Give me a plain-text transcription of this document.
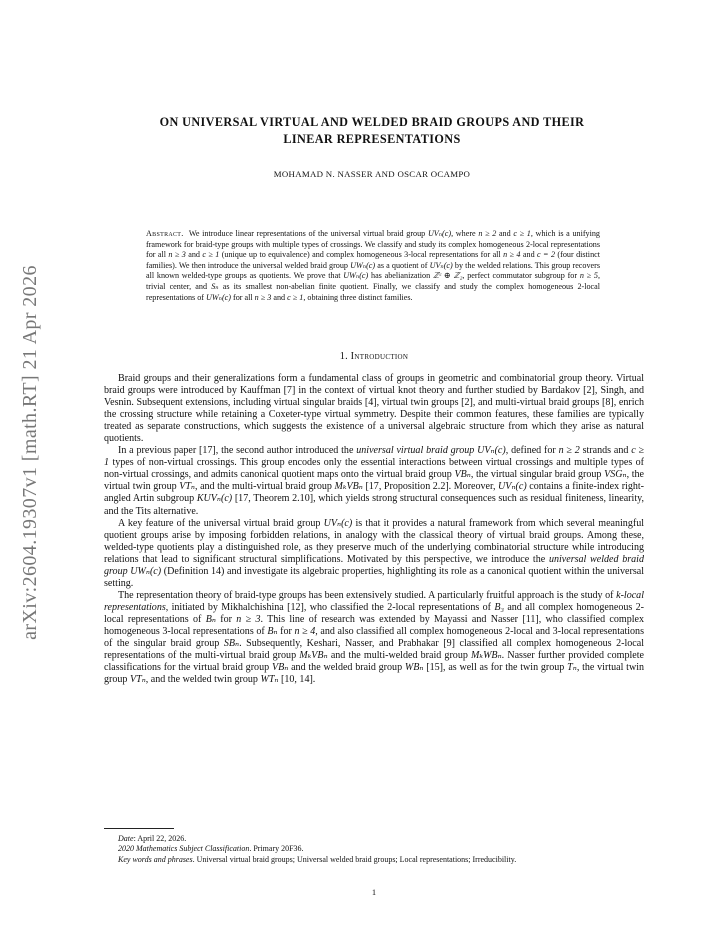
arXiv:2604.19307v1 [math.RT] 21 Apr 2026
ON UNIVERSAL VIRTUAL AND WELDED BRAID GROUPS AND THEIR
LINEAR REPRESENTATIONS
MOHAMAD N. NASSER AND OSCAR OCAMPO
Abstract. We introduce linear representations of the universal virtual braid group UVₙ(c), where n ≥ 2 and c ≥ 1, which is a unifying framework for braid-type groups with multiple types of crossings. We classify and study its complex homogeneous 2-local representations for all n ≥ 3 and c ≥ 1 (unique up to equivalence) and complex homogeneous 3-local representations for all n ≥ 4 and c = 2 (four distinct families). We then introduce the universal welded braid group UWₙ(c) as a quotient of UVₙ(c) by the welded relations. This group recovers all known welded-type groups as quotients. We prove that UWₙ(c) has abelianization ℤᶜ ⊕ ℤ₂, perfect commutator subgroup for n ≥ 5, trivial center, and Sₙ as its smallest non-abelian finite quotient. Finally, we classify and study the complex homogeneous 2-local representations of UWₙ(c) for all n ≥ 3 and c ≥ 1, obtaining three distinct families.
1. Introduction

Braid groups and their generalizations form a fundamental class of groups in geometric and combinatorial group theory. Virtual braid groups were introduced by Kauffman [7] in the context of virtual knot theory and further studied by Bardakov [2], Singh, and Vesnin. Subsequent extensions, including virtual singular braids [4], virtual twin groups [2], and multi-virtual braid groups [8], enrich the crossing structure while retaining a Coxeter-type virtual symmetry. Despite their common features, these families are typically treated as separate constructions, which suggests the existence of a universal algebraic structure from which they arise as natural quotients.

In a previous paper [17], the second author introduced the universal virtual braid group UVₙ(c), defined for n ≥ 2 strands and c ≥ 1 types of non-virtual crossings. This group encodes only the essential interactions between virtual crossings and multiple types of non-virtual crossings, and admits canonical quotient maps onto the virtual braid group VBₙ, the virtual singular braid group VSGₙ, the virtual twin group VTₙ, and the multi-virtual braid group MₖVBₙ [17, Proposition 2.2]. Moreover, UVₙ(c) contains a finite-index right-angled Artin subgroup KUVₙ(c) [17, Theorem 2.10], which yields strong structural consequences such as residual finiteness, linearity, and the Tits alternative.

A key feature of the universal virtual braid group UVₙ(c) is that it provides a natural framework from which several meaningful quotient groups arise by imposing forbidden relations, in analogy with the classical theory of virtual braid groups. Among these, welded-type quotients play a distinguished role, as they preserve much of the underlying combinatorial structure while introducing relations that lead to significant structural simplifications. Motivated by this perspective, we introduce the universal welded braid group UWₙ(c) (Definition 14) and investigate its algebraic properties, highlighting its role as a canonical quotient within the universal setting.

The representation theory of braid-type groups has been extensively studied. A particularly fruitful approach is the study of k-local representations, initiated by Mikhalchishina [12], who classified the 2-local representations of B₃ and all complex homogeneous 2-local representations of Bₙ for n ≥ 3. This line of research was extended by Mayassi and Nasser [11], who classified complex homogeneous 3-local representations of Bₙ for n ≥ 4, and also classified all complex homogeneous 2-local and 3-local representations of the singular braid group SBₙ. Subsequently, Keshari, Nasser, and Prabhakar [9] classified all complex homogeneous 2-local representations of the multi-virtual braid group MₖVBₙ and the multi-welded braid group MₖWBₙ. Nasser further provided complete classifications for the virtual braid group VBₙ and the welded braid group WBₙ [15], as well as for the twin group Tₙ, the virtual twin group VTₙ, and the welded twin group WTₙ [10, 14].

Date: April 22, 2026.

2020 Mathematics Subject Classification. Primary 20F36.

Key words and phrases. Universal virtual braid groups; Universal welded braid groups; Local representations; Irreducibility.

1
